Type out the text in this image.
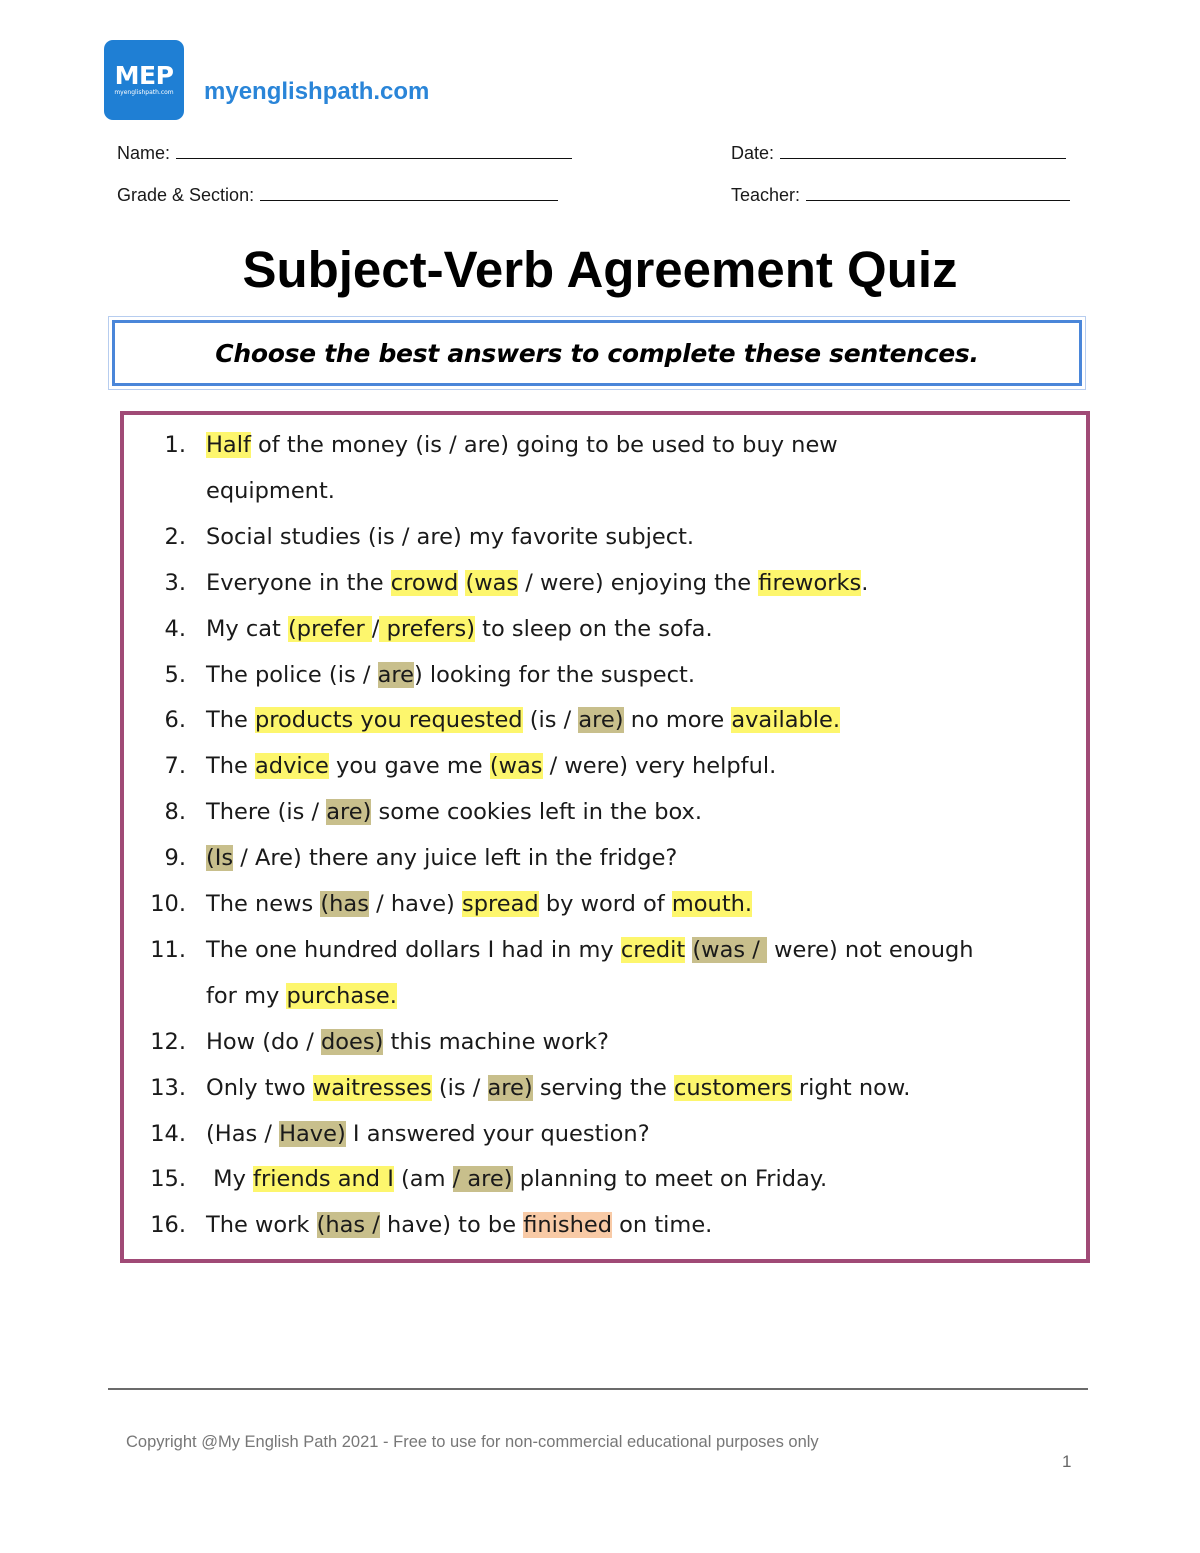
MEP
myenglishpath.com myenglishpath.com
Name:	Date:
Grade & Section:	Teacher:
Subject-Verb Agreement Quiz
Choose the best answers to complete these sentences.
1. Half of the money (is / are) going to be used to buy new
equipment.
2. Social studies (is / are) my favorite subject.
3. Everyone in the crowd (was / were) enjoying the fireworks.
4. My cat (prefer / prefers) to sleep on the sofa.
5. The police (is / are) looking for the suspect.
6. The products you requested (is / are) no more available.
7. The advice you gave me (was / were) very helpful.
8. There (is / are) some cookies left in the box.
9. (Is / Are) there any juice left in the fridge?
10. The news (has / have) spread by word of mouth.
11. The one hundred dollars I had in my credit (was /  were) not enough
for my purchase.
12. How (do / does) this machine work?
13. Only two waitresses (is / are) serving the customers right now.
14. (Has / Have) I answered your question?
15. My friends and I (am / are) planning to meet on Friday.
16. The work (has / have) to be finished on time.
Copyright @My English Path 2021 - Free to use for non-commercial educational purposes only
1
